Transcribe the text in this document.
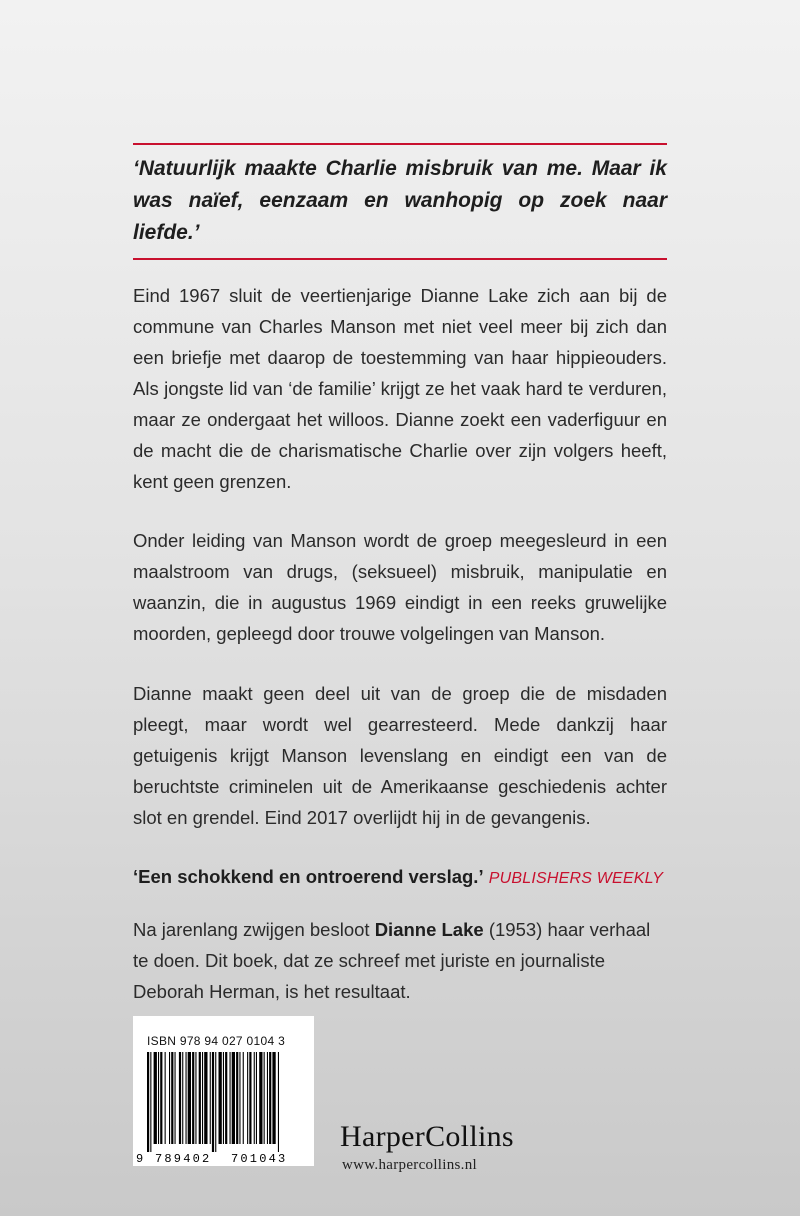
‘Natuurlijk maakte Charlie misbruik van me. Maar ik was naïef, eenzaam en wanhopig op zoek naar liefde.’

Eind 1967 sluit de veertienjarige Dianne Lake zich aan bij de commune van Charles Manson met niet veel meer bij zich dan een briefje met daarop de toestemming van haar hippieouders. Als jongste lid van ‘de familie’ krijgt ze het vaak hard te verduren, maar ze ondergaat het willoos. Dianne zoekt een vaderfiguur en de macht die de charismatische Charlie over zijn volgers heeft, kent geen grenzen.

Onder leiding van Manson wordt de groep meegesleurd in een maalstroom van drugs, (seksueel) misbruik, manipulatie en waanzin, die in augustus 1969 eindigt in een reeks gruwelijke moorden, gepleegd door trouwe volgelingen van Manson.

Dianne maakt geen deel uit van de groep die de misdaden pleegt, maar wordt wel gearresteerd. Mede dankzij haar getuigenis krijgt Manson levenslang en eindigt een van de beruchtste criminelen uit de Amerikaanse geschiedenis achter slot en grendel. Eind 2017 overlijdt hij in de gevangenis.

‘Een schokkend en ontroerend verslag.’ PUBLISHERS WEEKLY
Na jarenlang zwijgen besloot Dianne Lake (1953) haar verhaal te doen. Dit boek, dat ze schreef met juriste en journaliste Deborah Herman, is het resultaat.
ISBN 978 94 027 0104 3
9 789402 701043
HarperCollins
www.harpercollins.nl
